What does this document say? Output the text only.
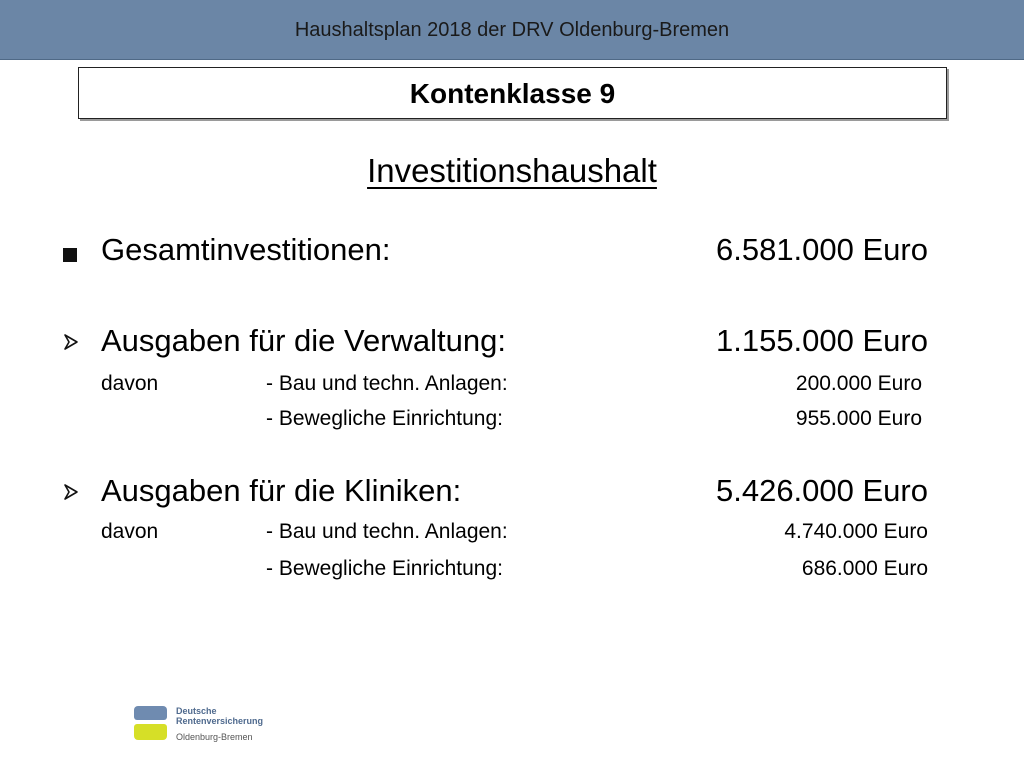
Haushaltsplan 2018 der DRV Oldenburg-Bremen
Kontenklasse 9
Investitionshaushalt
Gesamtinvestitionen:	6.581.000 Euro
Ausgaben für die Verwaltung:	1.155.000 Euro
davon	- Bau und techn. Anlagen:	200.000 Euro
- Bewegliche Einrichtung:	955.000 Euro
Ausgaben für die Kliniken:	5.426.000 Euro
davon	- Bau und techn. Anlagen:	4.740.000 Euro
- Bewegliche Einrichtung:	686.000 Euro
Deutsche
Rentenversicherung
Oldenburg-Bremen
